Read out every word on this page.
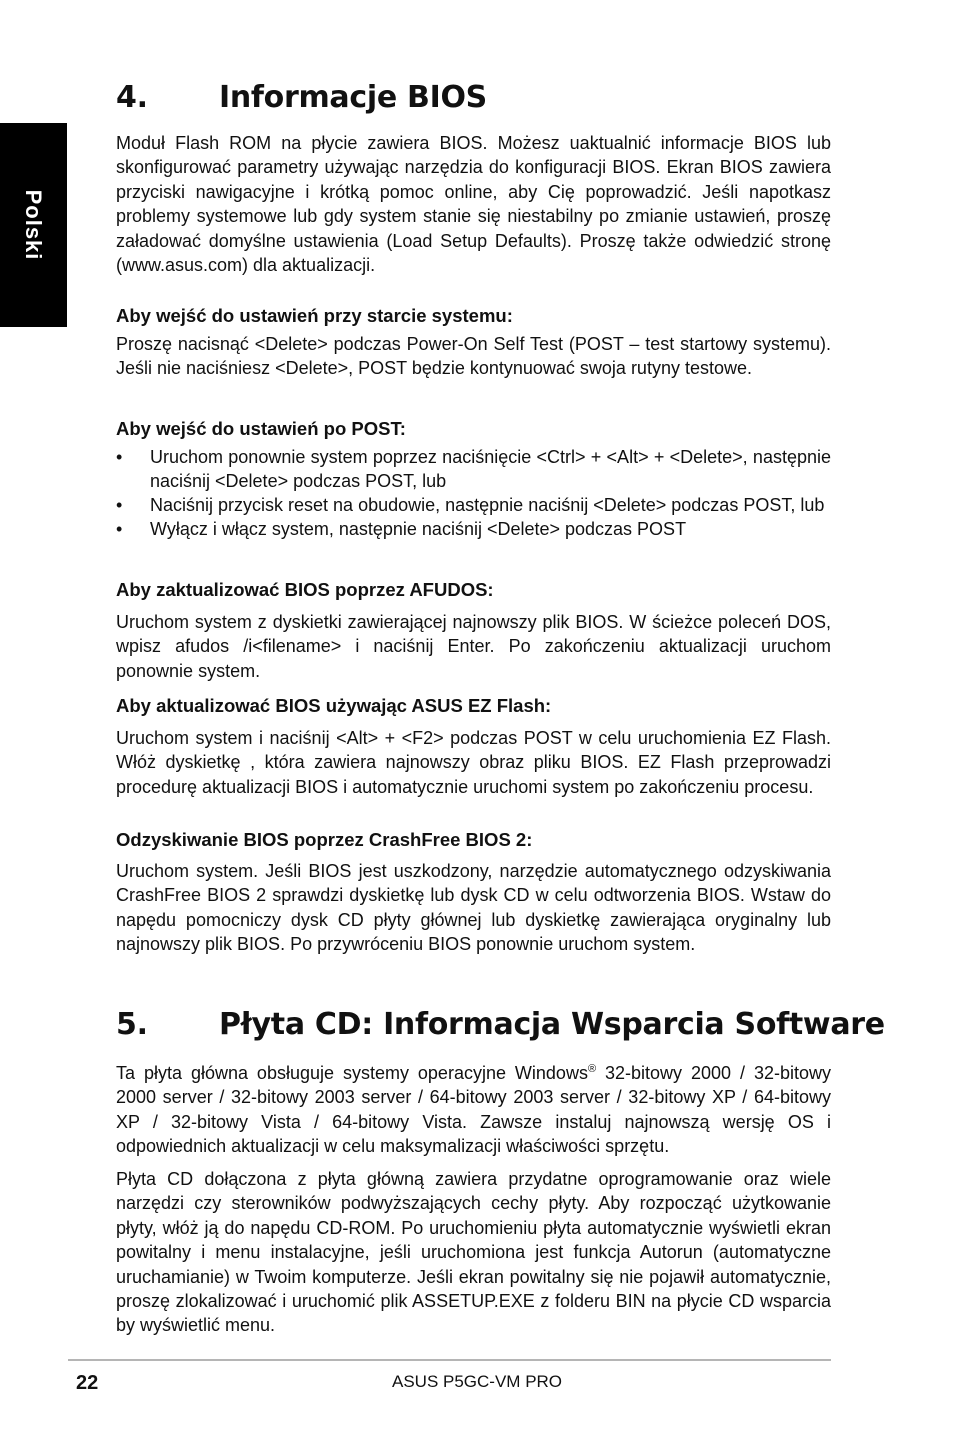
Polski
4. Informacje BIOS

Moduł Flash ROM na płycie zawiera BIOS. Możesz uaktualnić informacje BIOS lub skonfigurować parametry używając narzędzia do konfiguracji BIOS. Ekran BIOS zawiera przyciski nawigacyjne i krótką pomoc online, aby Cię poprowadzić. Jeśli napotkasz problemy systemowe lub gdy system stanie się niestabilny po zmianie ustawień, proszę załadować domyślne ustawienia (Load Setup Defaults). Proszę także odwiedzić stronę (www.asus.com) dla aktualizacji.

Aby wejść do ustawień przy starcie systemu:

Proszę nacisnąć <Delete> podczas Power-On Self Test (POST – test startowy systemu). Jeśli nie naciśniesz <Delete>, POST będzie kontynuować swoja rutyny testowe.

Aby wejść do ustawień po POST:
• Uruchom ponownie system poprzez naciśnięcie <Ctrl> + <Alt> + <Delete>, następnie naciśnij <Delete> podczas POST, lub
• Naciśnij przycisk reset na obudowie, następnie naciśnij <Delete> podczas POST, lub
• Wyłącz i włącz system, następnie naciśnij <Delete> podczas POST
Aby zaktualizować BIOS poprzez AFUDOS:

Uruchom system z dyskietki zawierającej najnowszy plik BIOS. W ścieżce poleceń DOS, wpisz afudos /i<filename> i naciśnij Enter. Po zakończeniu aktualizacji uruchom ponownie system.

Aby aktualizować BIOS używając ASUS EZ Flash:

Uruchom system i naciśnij <Alt> + <F2> podczas POST w celu uruchomienia EZ Flash. Włóż dyskietkę , która zawiera najnowszy obraz pliku BIOS. EZ Flash przeprowadzi procedurę aktualizacji BIOS i automatycznie uruchomi system po zakończeniu procesu.

Odzyskiwanie BIOS poprzez CrashFree BIOS 2:

Uruchom system. Jeśli BIOS jest uszkodzony, narzędzie automatycznego odzyskiwania CrashFree BIOS 2 sprawdzi dyskietkę lub dysk CD w celu odtworzenia BIOS. Wstaw do napędu pomocniczy dysk CD płyty głównej lub dyskietkę zawierająca oryginalny lub najnowszy plik BIOS. Po przywróceniu BIOS ponownie uruchom system.

5. Płyta CD: Informacja Wsparcia Software

Ta płyta główna obsługuje systemy operacyjne Windows® 32-bitowy 2000 / 32-bitowy 2000 server / 32-bitowy 2003 server / 64-bitowy 2003 server / 32-bitowy XP / 64-bitowy XP / 32-bitowy Vista / 64-bitowy Vista. Zawsze instaluj najnowszą wersję OS i odpowiednich aktualizacji w celu maksymalizacji właściwości sprzętu.

Płyta CD dołączona z płyta główną zawiera przydatne oprogramowanie oraz wiele narzędzi czy sterowników podwyższających cechy płyty. Aby rozpocząć użytkowanie płyty, włóż ją do napędu CD-ROM. Po uruchomieniu płyta automatycznie wyświetli ekran powitalny i menu instalacyjne, jeśli uruchomiona jest funkcja Autorun (automatyczne uruchamianie) w Twoim komputerze. Jeśli ekran powitalny się nie pojawił automatycznie, proszę zlokalizować i uruchomić plik ASSETUP.EXE z folderu BIN na płycie CD wsparcia by wyświetlić menu.

22	ASUS P5GC-VM PRO
